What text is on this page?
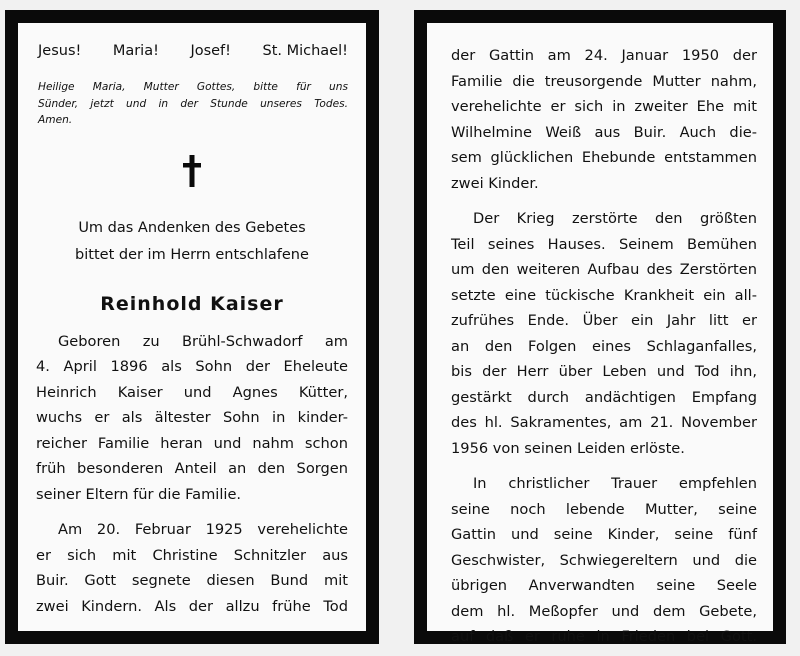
Jesus! Maria! Josef! St. Michael!
Heilige Maria, Mutter Gottes, bitte für uns
Sünder, jetzt und in der Stunde unseres Todes.
Amen.
Um das Andenken des Gebetes
bittet der im Herrn entschlafene
Reinhold Kaiser
Geboren zu Brühl-Schwadorf am
4. April 1896 als Sohn der Eheleute
Heinrich Kaiser und Agnes Kütter,
wuchs er als ältester Sohn in kinder-
reicher Familie heran und nahm schon
früh besonderen Anteil an den Sorgen
seiner Eltern für die Familie.
Am 20. Februar 1925 verehelichte
er sich mit Christine Schnitzler aus
Buir. Gott segnete diesen Bund mit
zwei Kindern. Als der allzu frühe Tod
der Gattin am 24. Januar 1950 der
Familie die treusorgende Mutter nahm,
verehelichte er sich in zweiter Ehe mit
Wilhelmine Weiß aus Buir. Auch die-
sem glücklichen Ehebunde entstammen
zwei Kinder.
Der Krieg zerstörte den größten
Teil seines Hauses. Seinem Bemühen
um den weiteren Aufbau des Zerstörten
setzte eine tückische Krankheit ein all-
zufrühes Ende. Über ein Jahr litt er
an den Folgen eines Schlaganfalles,
bis der Herr über Leben und Tod ihn,
gestärkt durch andächtigen Empfang
des hl. Sakramentes, am 21. November
1956 von seinen Leiden erlöste.
In christlicher Trauer empfehlen
seine noch lebende Mutter, seine
Gattin und seine Kinder, seine fünf
Geschwister, Schwiegereltern und die
übrigen Anverwandten seine Seele
dem hl. Meßopfer und dem Gebete,
auf daß er ruhe in Frieden bei Gott.
